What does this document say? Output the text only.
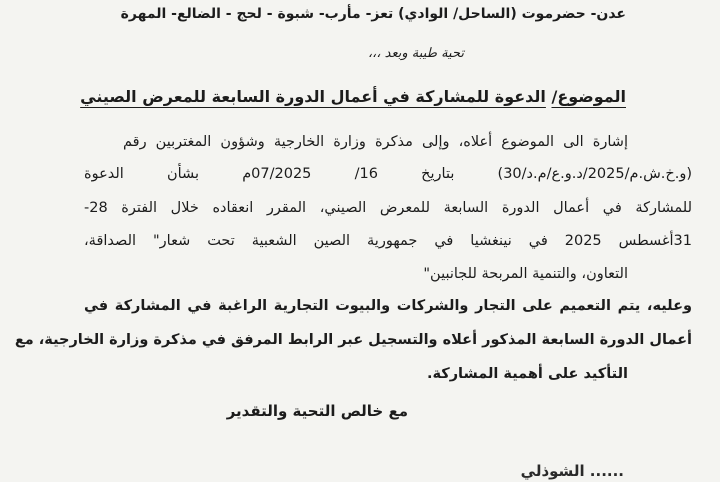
عدن- حضرموت (الساحل/ الوادي) تعز- مأرب- شبوة - لحج - الضالع- المهرة
تحية طيبة وبعد ،،،
الموضوع/ الدعوة للمشاركة في أعمال الدورة السابعة للمعرض الصيني
إشارة الى الموضوع أعلاه، وإلى مذكرة وزارة الخارجية وشؤون المغتربين رقم
(و.خ.ش.م/2025/د.و.ع/م.د/30) بتاريخ 16/ 07/2025م بشأن الدعوة
للمشاركة في أعمال الدورة السابعة للمعرض الصيني، المقرر انعقاده خلال الفترة 28-
31أغسطس 2025 في نينغشيا في جمهورية الصين الشعبية تحت شعار" الصداقة،
التعاون، والتنمية المربحة للجانبين"
وعليه، يتم التعميم على التجار والشركات والبيوت التجارية الراغبة في المشاركة في
أعمال الدورة السابعة المذكور أعلاه والتسجيل عبر الرابط المرفق في مذكرة وزارة الخارجية، مع
التأكيد على أهمية المشاركة.
مع خالص التحية والتقدير
...... الشوذلي
